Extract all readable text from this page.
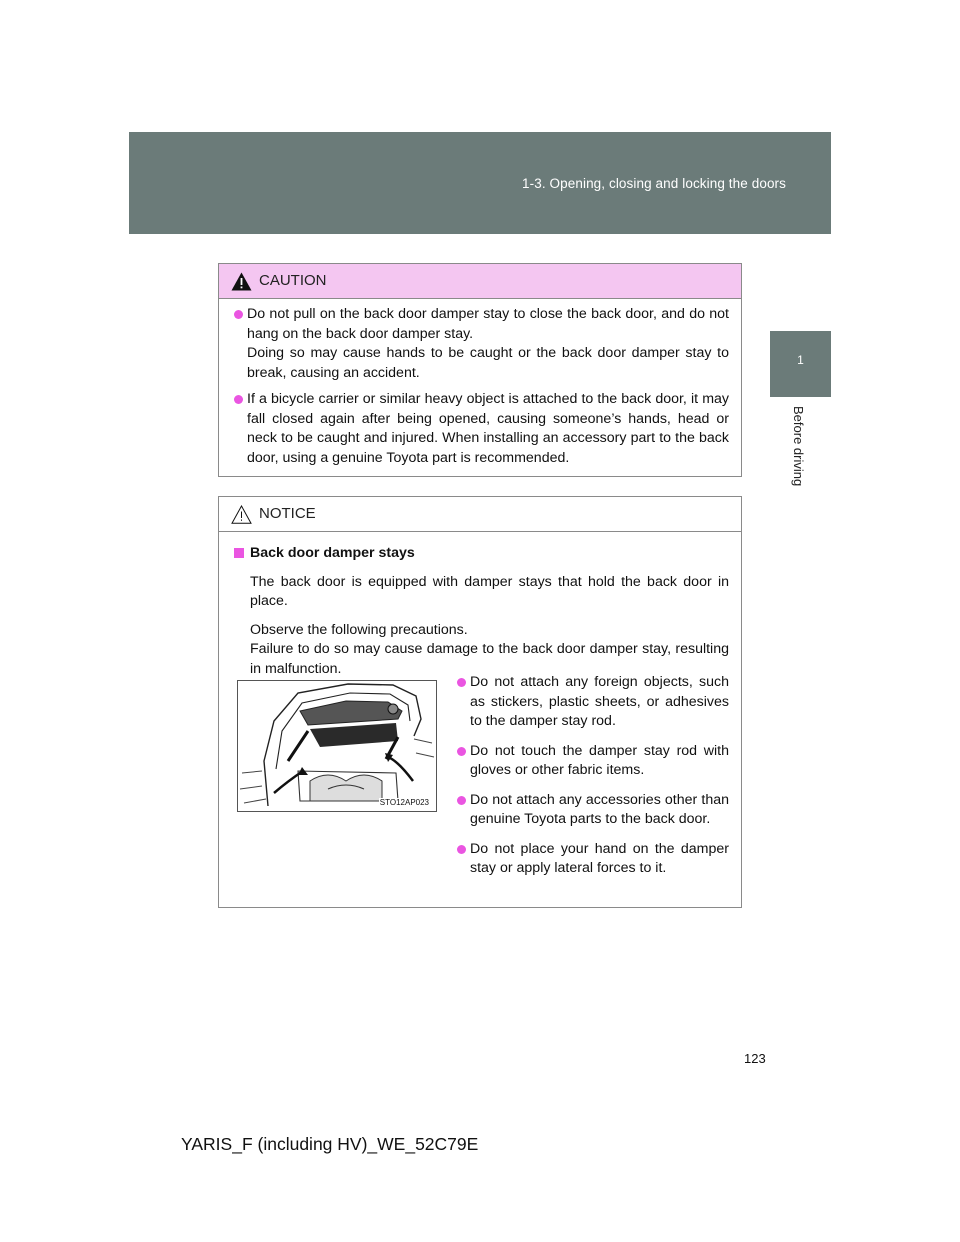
1-3. Opening, closing and locking the doors
1
Before driving
CAUTION
Do not pull on the back door damper stay to close the back door, and do not hang on the back door damper stay.
Doing so may cause hands to be caught or the back door damper stay to break, causing an accident.
If a bicycle carrier or similar heavy object is attached to the back door, it may fall closed again after being opened, causing someone’s hands, head or neck to be caught and injured. When installing an accessory part to the back door, using a genuine Toyota part is recommended.
NOTICE
Back door damper stays
The back door is equipped with damper stays that hold the back door in place.
Observe the following precautions.
Failure to do so may cause damage to the back door damper stay, resulting in malfunction.
STO12AP023
Do not attach any foreign objects, such as stickers, plastic sheets, or adhesives to the damper stay rod.
Do not touch the damper stay rod with gloves or other fabric items.
Do not attach any accessories other than genuine Toyota parts to the back door.
Do not place your hand on the damper stay or apply lateral forces to it.
123
YARIS_F (including HV)_WE_52C79E
